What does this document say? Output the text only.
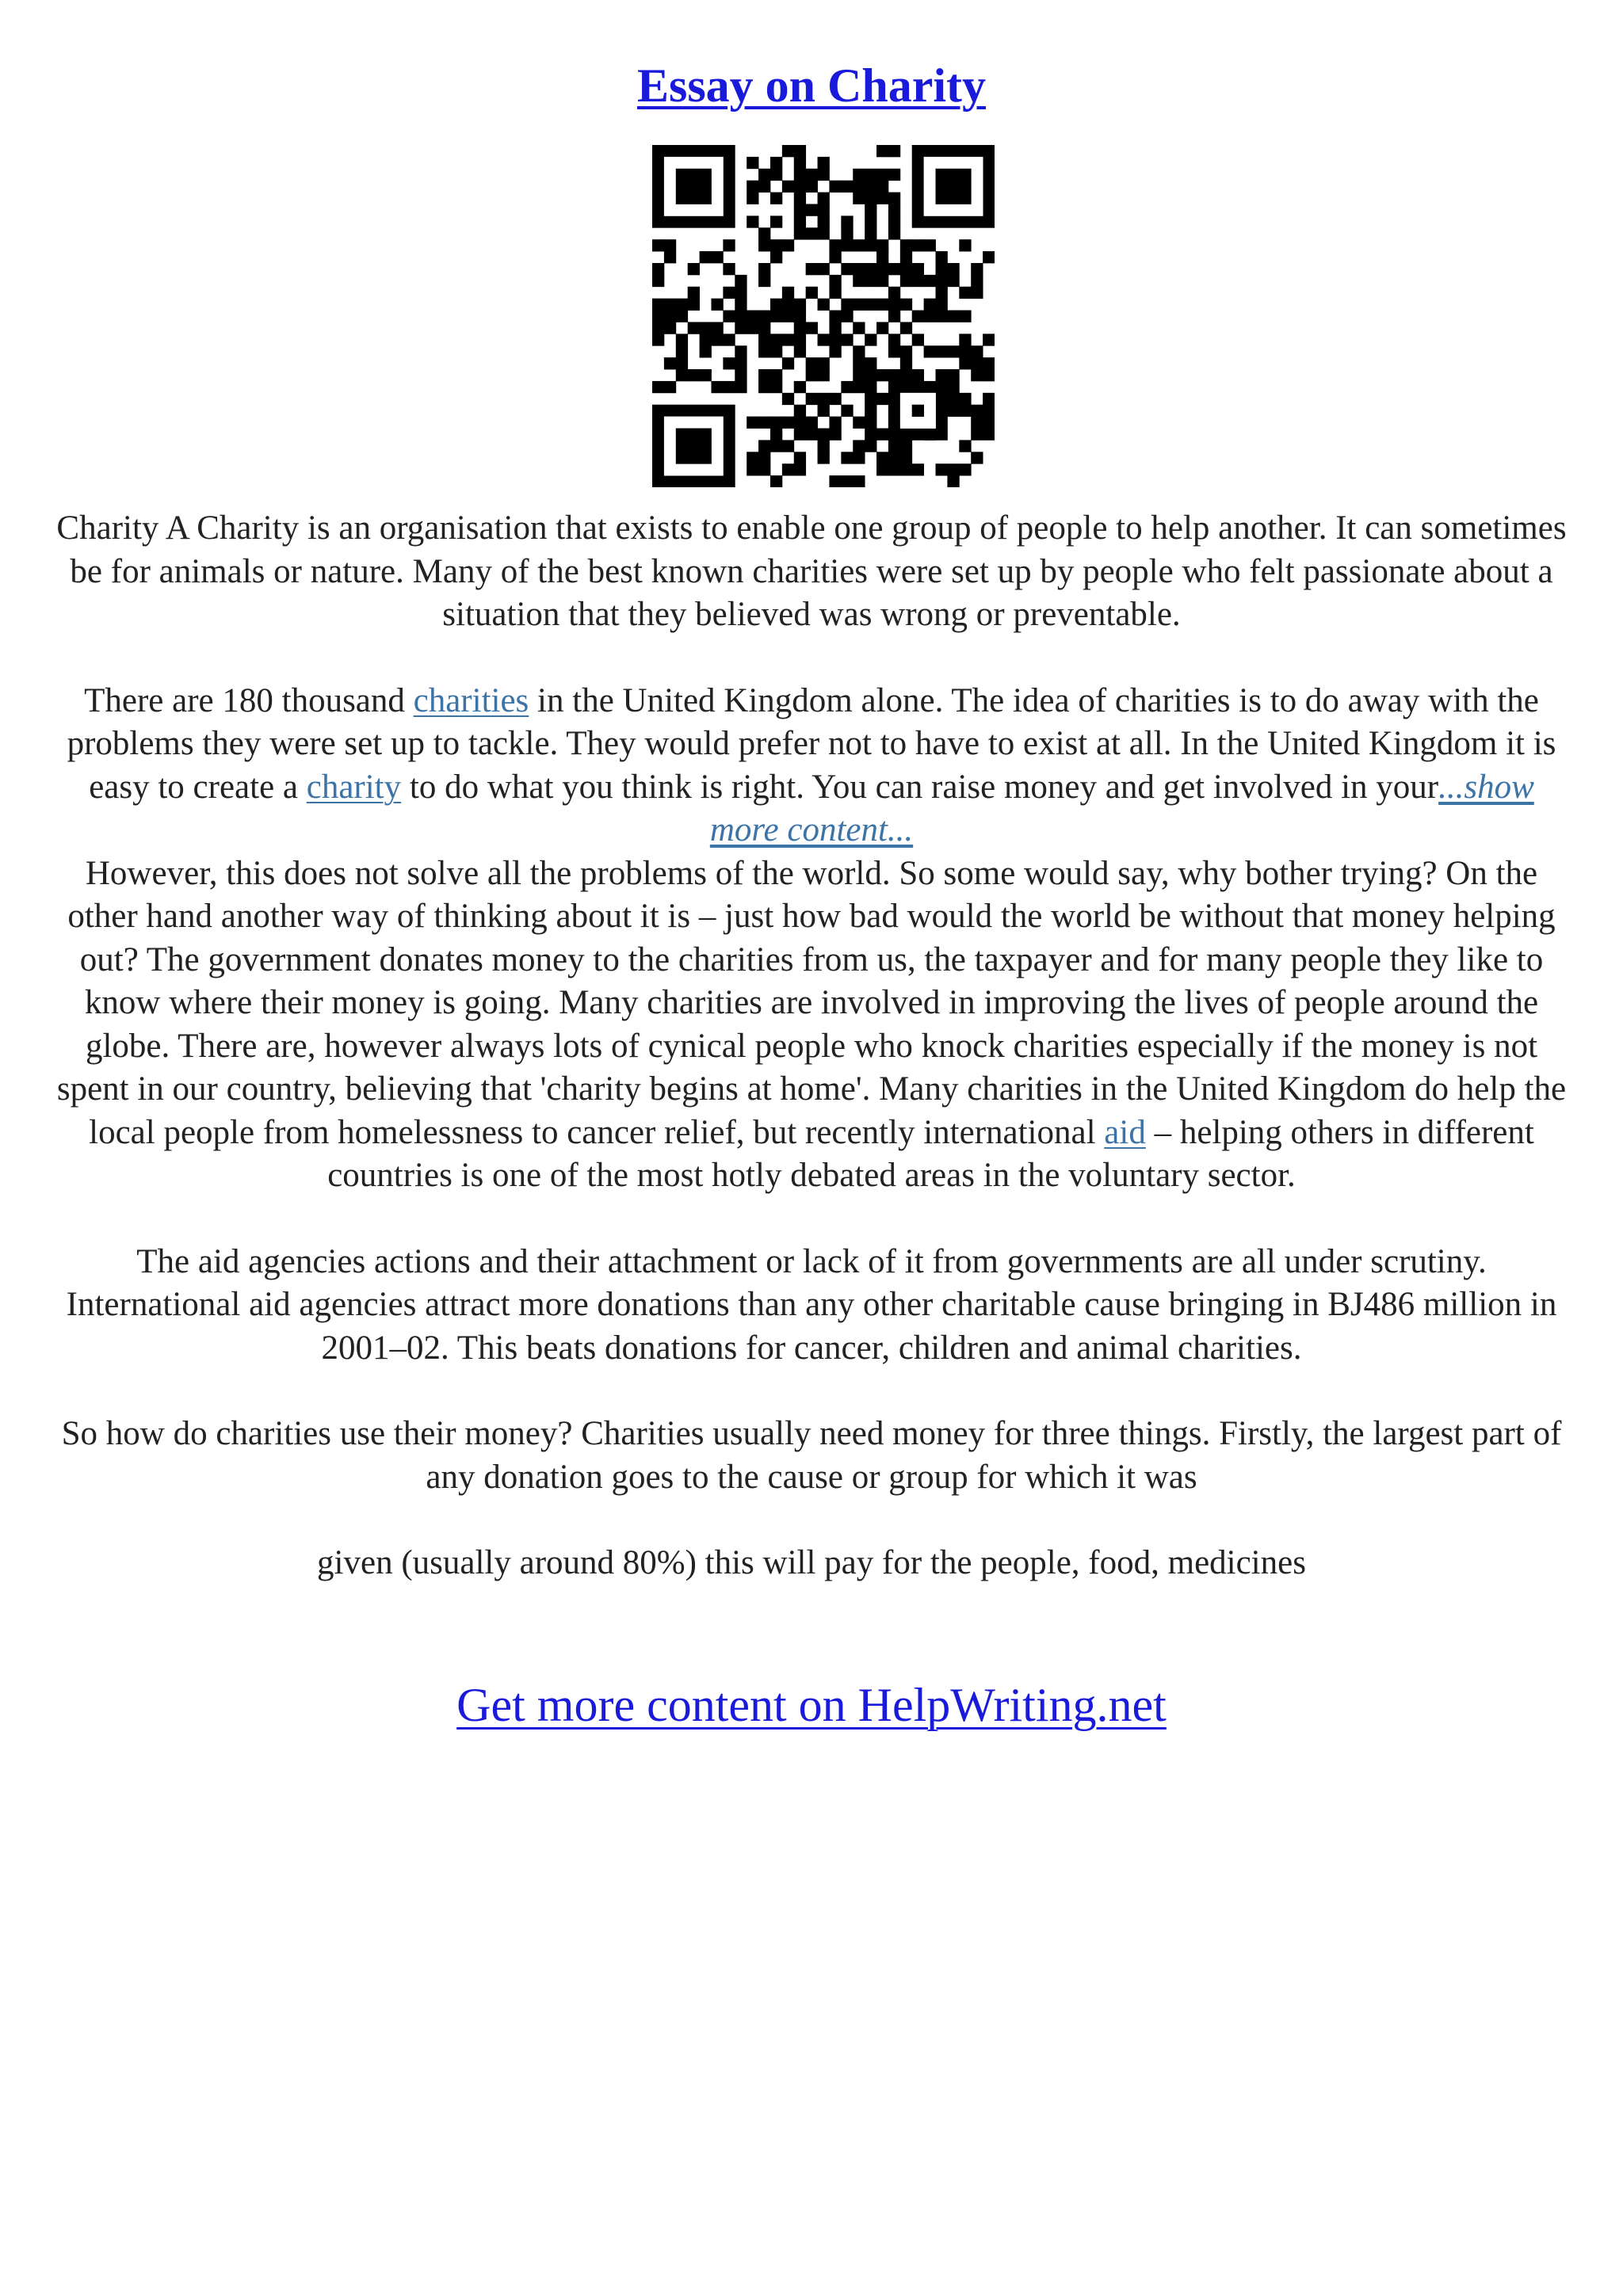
Essay on Charity

Charity A Charity is an organisation that exists to enable one group of people to help another. It can sometimes be for animals or nature. Many of the best known charities were set up by people who felt passionate about a situation that they believed was wrong or preventable.

There are 180 thousand charities in the United Kingdom alone. The idea of charities is to do away with the problems they were set up to tackle. They would prefer not to have to exist at all. In the United Kingdom it is easy to create a charity to do what you think is right. You can raise money and get involved in your...show more content...

However, this does not solve all the problems of the world. So some would say, why bother trying? On the other hand another way of thinking about it is – just how bad would the world be without that money helping out? The government donates money to the charities from us, the taxpayer and for many people they like to know where their money is going. Many charities are involved in improving the lives of people around the globe. There are, however always lots of cynical people who knock charities especially if the money is not spent in our country, believing that 'charity begins at home'. Many charities in the United Kingdom do help the local people from homelessness to cancer relief, but recently international aid – helping others in different countries is one of the most hotly debated areas in the voluntary sector.

The aid agencies actions and their attachment or lack of it from governments are all under scrutiny. International aid agencies attract more donations than any other charitable cause bringing in BJ486 million in 2001–02. This beats donations for cancer, children and animal charities.

So how do charities use their money? Charities usually need money for three things. Firstly, the largest part of any donation goes to the cause or group for which it was

given (usually around 80%) this will pay for the people, food, medicines

Get more content on HelpWriting.net
